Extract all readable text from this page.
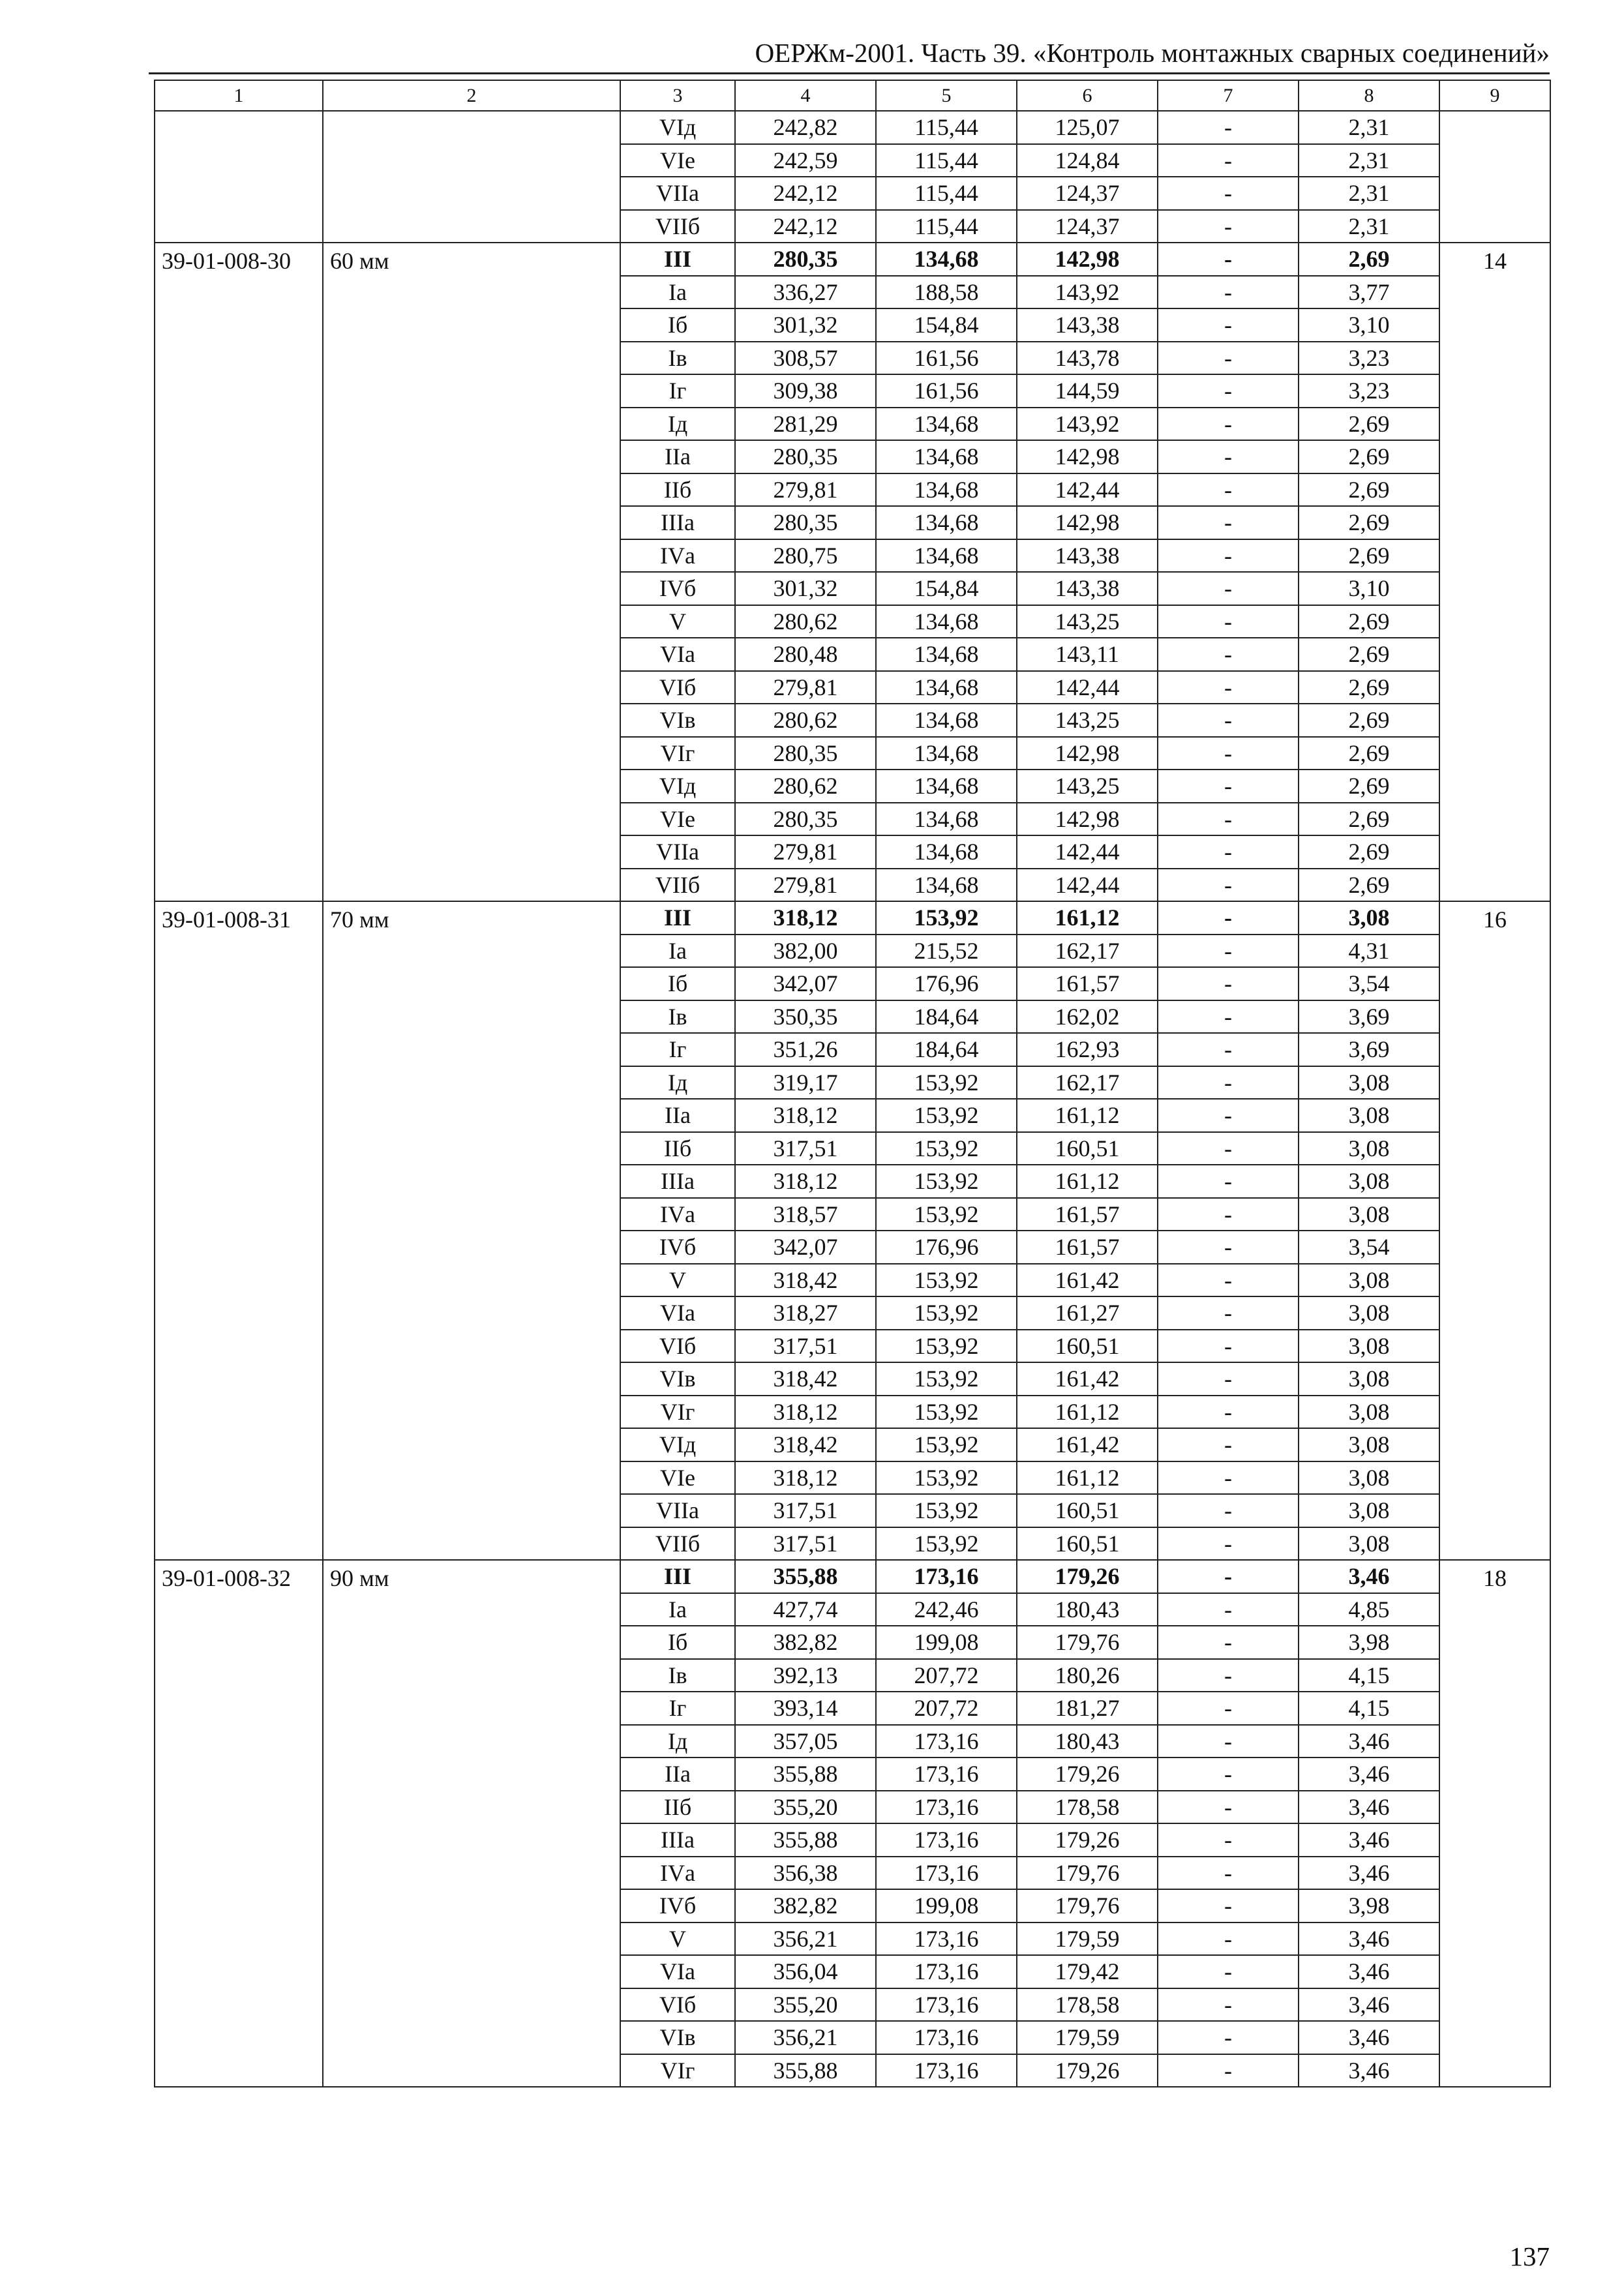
ОЕРЖм-2001. Часть 39. «Контроль монтажных сварных соединений»
1	2	3	4	5	6	7	8	9
		VIд	242,82	115,44	125,07	-	2,31	
		VIе	242,59	115,44	124,84	-	2,31	
		VIIа	242,12	115,44	124,37	-	2,31	
		VIIб	242,12	115,44	124,37	-	2,31	
39-01-008-30	60 мм	III	280,35	134,68	142,98	-	2,69	14
		Iа	336,27	188,58	143,92	-	3,77	
		Iб	301,32	154,84	143,38	-	3,10	
		Iв	308,57	161,56	143,78	-	3,23	
		Iг	309,38	161,56	144,59	-	3,23	
		Iд	281,29	134,68	143,92	-	2,69	
		IIа	280,35	134,68	142,98	-	2,69	
		IIб	279,81	134,68	142,44	-	2,69	
		IIIа	280,35	134,68	142,98	-	2,69	
		IVа	280,75	134,68	143,38	-	2,69	
		IVб	301,32	154,84	143,38	-	3,10	
		V	280,62	134,68	143,25	-	2,69	
		VIа	280,48	134,68	143,11	-	2,69	
		VIб	279,81	134,68	142,44	-	2,69	
		VIв	280,62	134,68	143,25	-	2,69	
		VIг	280,35	134,68	142,98	-	2,69	
		VIд	280,62	134,68	143,25	-	2,69	
		VIе	280,35	134,68	142,98	-	2,69	
		VIIа	279,81	134,68	142,44	-	2,69	
		VIIб	279,81	134,68	142,44	-	2,69	
39-01-008-31	70 мм	III	318,12	153,92	161,12	-	3,08	16
		Iа	382,00	215,52	162,17	-	4,31	
		Iб	342,07	176,96	161,57	-	3,54	
		Iв	350,35	184,64	162,02	-	3,69	
		Iг	351,26	184,64	162,93	-	3,69	
		Iд	319,17	153,92	162,17	-	3,08	
		IIа	318,12	153,92	161,12	-	3,08	
		IIб	317,51	153,92	160,51	-	3,08	
		IIIа	318,12	153,92	161,12	-	3,08	
		IVа	318,57	153,92	161,57	-	3,08	
		IVб	342,07	176,96	161,57	-	3,54	
		V	318,42	153,92	161,42	-	3,08	
		VIа	318,27	153,92	161,27	-	3,08	
		VIб	317,51	153,92	160,51	-	3,08	
		VIв	318,42	153,92	161,42	-	3,08	
		VIг	318,12	153,92	161,12	-	3,08	
		VIд	318,42	153,92	161,42	-	3,08	
		VIе	318,12	153,92	161,12	-	3,08	
		VIIа	317,51	153,92	160,51	-	3,08	
		VIIб	317,51	153,92	160,51	-	3,08	
39-01-008-32	90 мм	III	355,88	173,16	179,26	-	3,46	18
		Iа	427,74	242,46	180,43	-	4,85	
		Iб	382,82	199,08	179,76	-	3,98	
		Iв	392,13	207,72	180,26	-	4,15	
		Iг	393,14	207,72	181,27	-	4,15	
		Iд	357,05	173,16	180,43	-	3,46	
		IIа	355,88	173,16	179,26	-	3,46	
		IIб	355,20	173,16	178,58	-	3,46	
		IIIа	355,88	173,16	179,26	-	3,46	
		IVа	356,38	173,16	179,76	-	3,46	
		IVб	382,82	199,08	179,76	-	3,98	
		V	356,21	173,16	179,59	-	3,46	
		VIа	356,04	173,16	179,42	-	3,46	
		VIб	355,20	173,16	178,58	-	3,46	
		VIв	356,21	173,16	179,59	-	3,46	
		VIг	355,88	173,16	179,26	-	3,46	
137
